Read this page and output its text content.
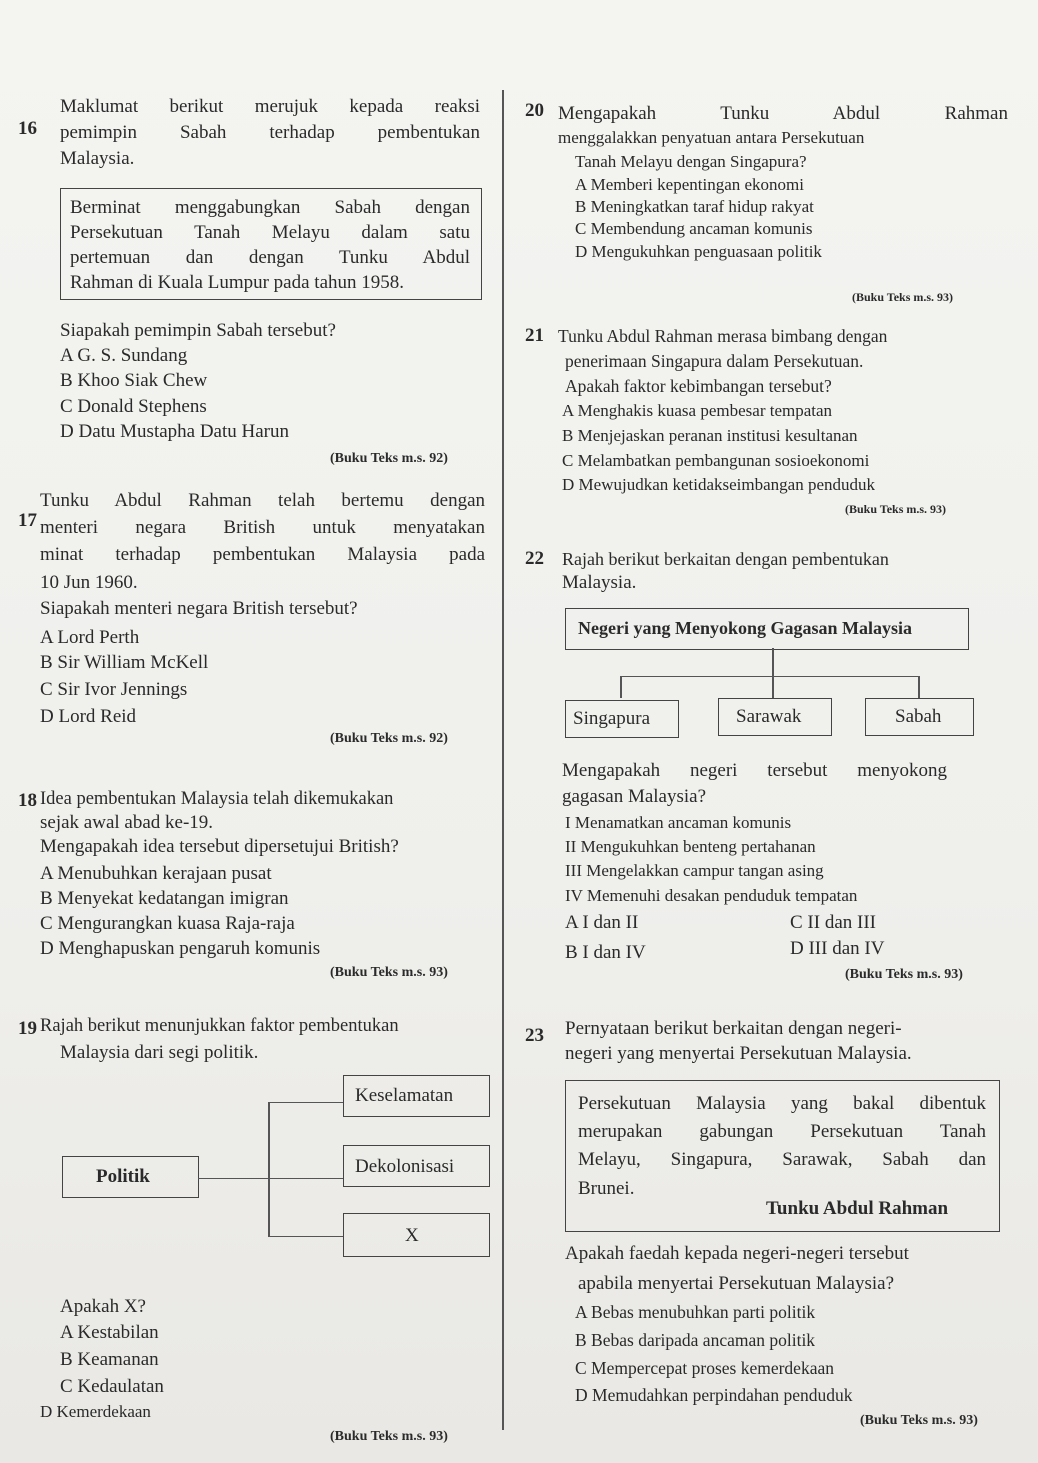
16
Maklumat berikut merujuk kepada reaksi
pemimpin Sabah terhadap pembentukan
Malaysia.
Berminat menggabungkan Sabah dengan
Persekutuan Tanah Melayu dalam satu
pertemuan dan dengan Tunku Abdul
Rahman di Kuala Lumpur pada tahun 1958.
Siapakah pemimpin Sabah tersebut?
A G. S. Sundang
B Khoo Siak Chew
C Donald Stephens
D Datu Mustapha Datu Harun
(Buku Teks m.s. 92)
17
Tunku Abdul Rahman telah bertemu dengan
menteri negara British untuk menyatakan
minat terhadap pembentukan Malaysia pada
10 Jun 1960.
Siapakah menteri negara British tersebut?
A Lord Perth
B Sir William McKell
C Sir Ivor Jennings
D Lord Reid
(Buku Teks m.s. 92)
18 Idea pembentukan Malaysia telah dikemukakan
sejak awal abad ke-19.
Mengapakah idea tersebut dipersetujui British?
A Menubuhkan kerajaan pusat
B Menyekat kedatangan imigran
C Mengurangkan kuasa Raja-raja
D Menghapuskan pengaruh komunis
(Buku Teks m.s. 93)
19 Rajah berikut menunjukkan faktor pembentukan
Malaysia dari segi politik.
Politik
Keselamatan
Dekolonisasi
X
Apakah X?
A Kestabilan
B Keamanan
C Kedaulatan
D Kemerdekaan
(Buku Teks m.s. 93)
20 Mengapakah Tunku Abdul Rahman
menggalakkan penyatuan antara Persekutuan
Tanah Melayu dengan Singapura?
A Memberi kepentingan ekonomi
B Meningkatkan taraf hidup rakyat
C Membendung ancaman komunis
D Mengukuhkan penguasaan politik
(Buku Teks m.s. 93)
21 Tunku Abdul Rahman merasa bimbang dengan
penerimaan Singapura dalam Persekutuan.
Apakah faktor kebimbangan tersebut?
A Menghakis kuasa pembesar tempatan
B Menjejaskan peranan institusi kesultanan
C Melambatkan pembangunan sosioekonomi
D Mewujudkan ketidakseimbangan penduduk
(Buku Teks m.s. 93)
22 Rajah berikut berkaitan dengan pembentukan
Malaysia.
Negeri yang Menyokong Gagasan Malaysia
Singapura	Sarawak	Sabah
Mengapakah negeri tersebut menyokong
gagasan Malaysia?
I Menamatkan ancaman komunis
II Mengukuhkan benteng pertahanan
III Mengelakkan campur tangan asing
IV Memenuhi desakan penduduk tempatan
A I dan II
B I dan IV
C II dan III
D III dan IV
(Buku Teks m.s. 93)
23 Pernyataan berikut berkaitan dengan negeri-
negeri yang menyertai Persekutuan Malaysia.
Persekutuan Malaysia yang bakal dibentuk
merupakan gabungan Persekutuan Tanah
Melayu, Singapura, Sarawak, Sabah dan
Brunei.
Tunku Abdul Rahman
Apakah faedah kepada negeri-negeri tersebut
apabila menyertai Persekutuan Malaysia?
A Bebas menubuhkan parti politik
B Bebas daripada ancaman politik
C Mempercepat proses kemerdekaan
D Memudahkan perpindahan penduduk
(Buku Teks m.s. 93)
